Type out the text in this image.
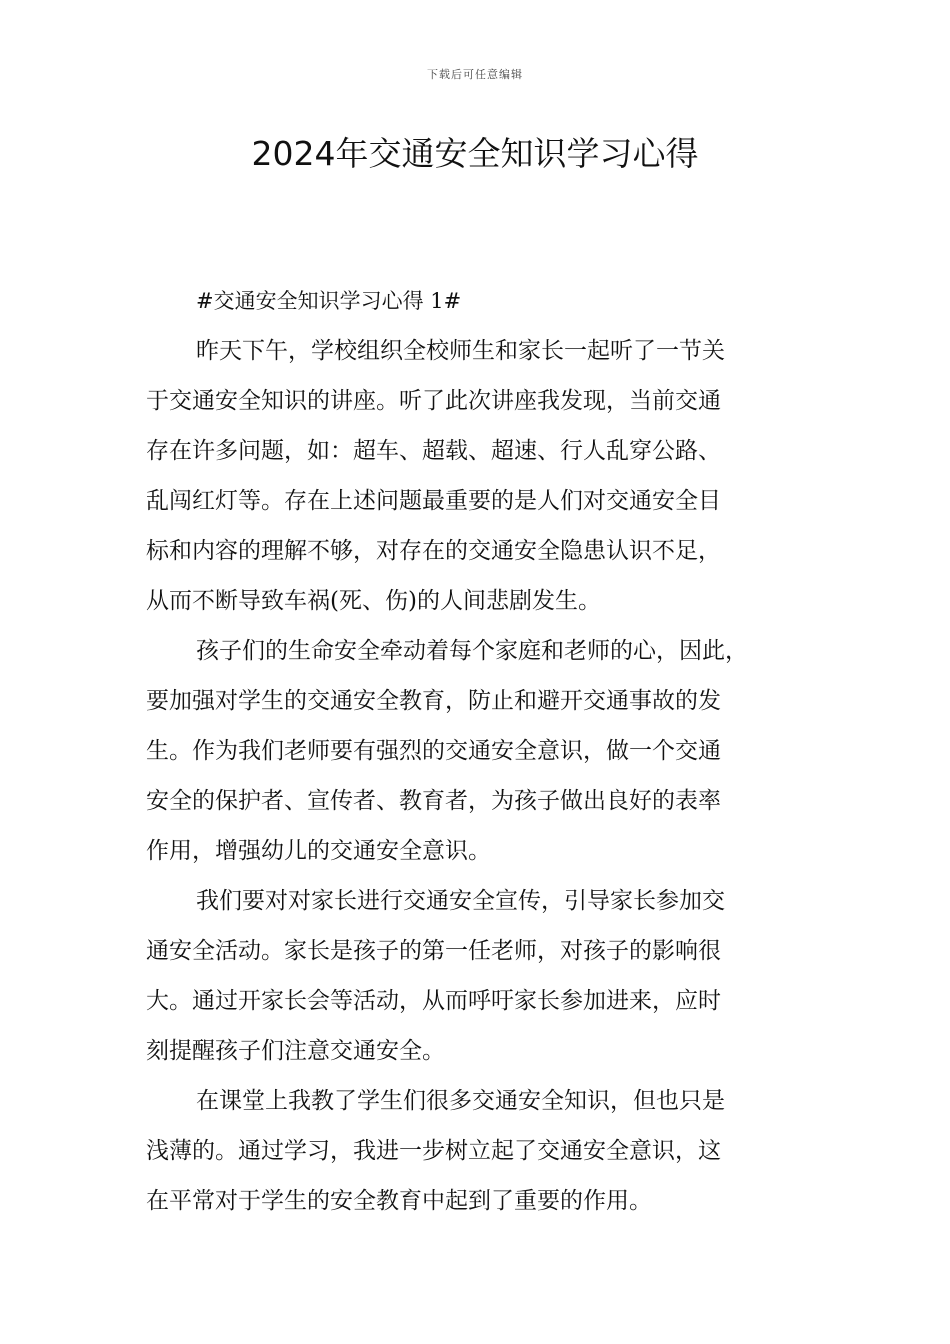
下载后可任意编辑
2024年交通安全知识学习心得

#交通安全知识学习心得 1#

昨天下午，学校组织全校师生和家长一起听了一节关
于交通安全知识的讲座。听了此次讲座我发现，当前交通
存在许多问题，如：超车、超载、超速、行人乱穿公路、
乱闯红灯等。存在上述问题最重要的是人们对交通安全目
标和内容的理解不够，对存在的交通安全隐患认识不足，
从而不断导致车祸(死、伤)的人间悲剧发生。

孩子们的生命安全牵动着每个家庭和老师的心，因此，
要加强对学生的交通安全教育，防止和避开交通事故的发
生。作为我们老师要有强烈的交通安全意识，做一个交通
安全的保护者、宣传者、教育者，为孩子做出良好的表率
作用，增强幼儿的交通安全意识。

我们要对对家长进行交通安全宣传，引导家长参加交
通安全活动。家长是孩子的第一任老师，对孩子的影响很
大。通过开家长会等活动，从而呼吁家长参加进来，应时
刻提醒孩子们注意交通安全。

在课堂上我教了学生们很多交通安全知识，但也只是
浅薄的。通过学习，我进一步树立起了交通安全意识，这
在平常对于学生的安全教育中起到了重要的作用。
